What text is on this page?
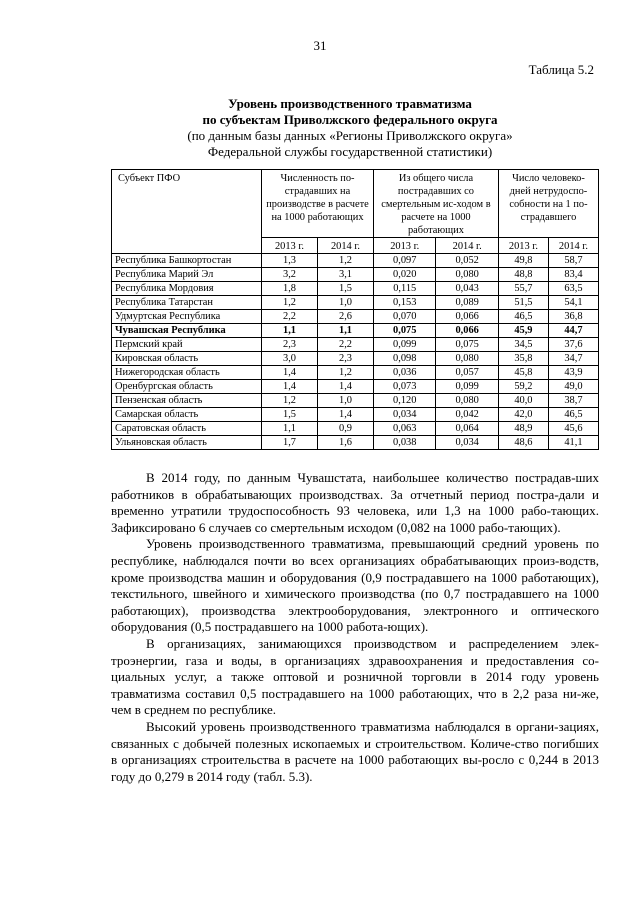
31
Таблица 5.2
Уровень производственного травматизма
по субъектам Приволжского федерального округа
(по данным базы данных «Регионы Приволжского округа»
Федеральной службы государственной статистики)
Субъект ПФО	Численность по-страдавших на производстве в расчете на 1000 работающих		Из общего числа пострадавших со смертельным ис-ходом в расчете на 1000 работающих		Число человеко-дней нетрудоспо-собности на 1 по-страдавшего	
	2013 г.	2014 г.	2013 г.	2014 г.	2013 г.	2014 г.
Республика Башкортостан	1,3	1,2	0,097	0,052	49,8	58,7
Республика Марий Эл	3,2	3,1	0,020	0,080	48,8	83,4
Республика Мордовия	1,8	1,5	0,115	0,043	55,7	63,5
Республика Татарстан	1,2	1,0	0,153	0,089	51,5	54,1
Удмуртская Республика	2,2	2,6	0,070	0,066	46,5	36,8
Чувашская Республика	1,1	1,1	0,075	0,066	45,9	44,7
Пермский край	2,3	2,2	0,099	0,075	34,5	37,6
Кировская область	3,0	2,3	0,098	0,080	35,8	34,7
Нижегородская область	1,4	1,2	0,036	0,057	45,8	43,9
Оренбургская область	1,4	1,4	0,073	0,099	59,2	49,0
Пензенская область	1,2	1,0	0,120	0,080	40,0	38,7
Самарская область	1,5	1,4	0,034	0,042	42,0	46,5
Саратовская область	1,1	0,9	0,063	0,064	48,9	45,6
Ульяновская область	1,7	1,6	0,038	0,034	48,6	41,1

В 2014 году, по данным Чувашстата, наибольшее количество пострадав-ших работников в обрабатывающих производствах. За отчетный период постра-дали и временно утратили трудоспособность 93 человека, или 1,3 на 1000 рабо-тающих. Зафиксировано 6 случаев со смертельным исходом (0,082 на 1000 рабо-тающих).

Уровень производственного травматизма, превышающий средний уровень по республике, наблюдался почти во всех организациях обрабатывающих произ-водств, кроме производства машин и оборудования (0,9 пострадавшего на 1000 работающих), текстильного, швейного и химического производства (по 0,7 пострадавшего на 1000 работающих), производства электрооборудования, электронного и оптического оборудования (0,5 пострадавшего на 1000 работа-ющих).

В организациях, занимающихся производством и распределением элек-троэнергии, газа и воды, в организациях здравоохранения и предоставления со-циальных услуг, а также оптовой и розничной торговли в 2014 году уровень травматизма составил 0,5 пострадавшего на 1000 работающих, что в 2,2 раза ни-же, чем в среднем по республике.

Высокий уровень производственного травматизма наблюдался в органи-зациях, связанных с добычей полезных ископаемых и строительством. Количе-ство погибших в организациях строительства в расчете на 1000 работающих вы-росло с 0,244 в 2013 году до 0,279 в 2014 году (табл. 5.3).
